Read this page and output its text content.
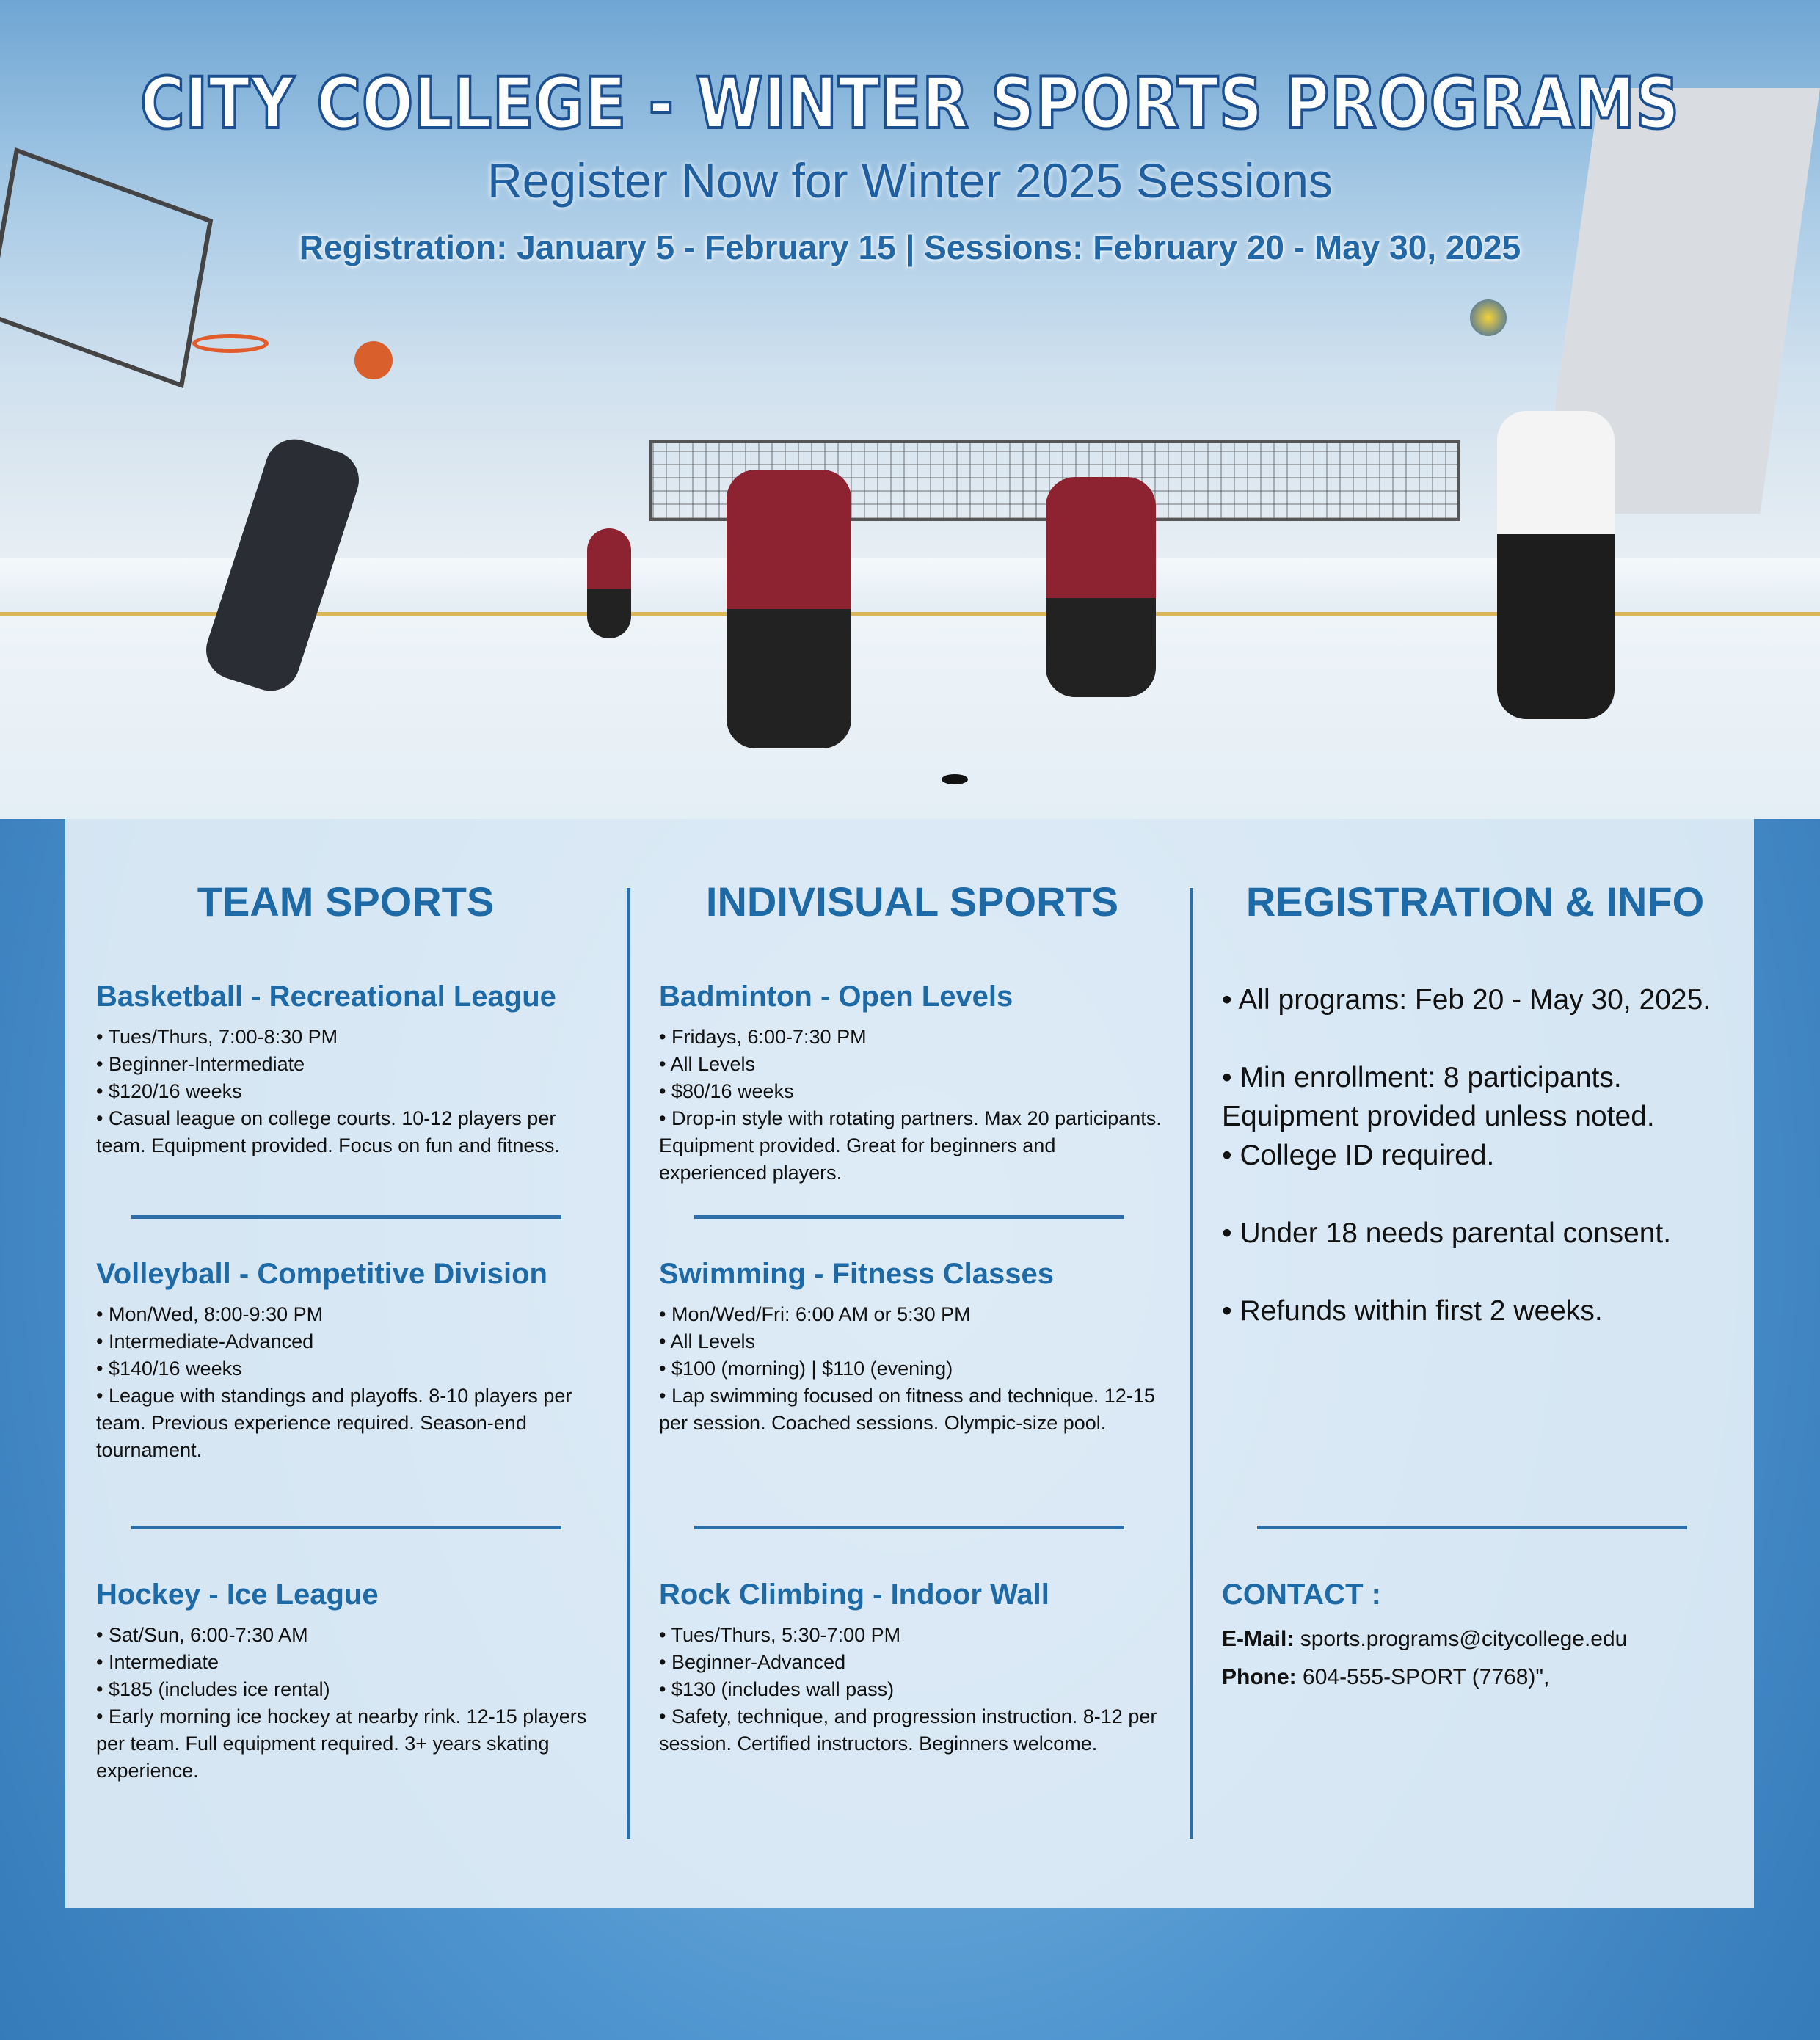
CITY COLLEGE - WINTER SPORTS PROGRAMS
Register Now for Winter 2025 Sessions
Registration: January 5 - February 15 | Sessions: February 20 - May 30, 2025
TEAM SPORTS
Basketball - Recreational League

• Tues/Thurs, 7:00-8:30 PM

• Beginner-Intermediate

• $120/16 weeks

• Casual league on college courts. 10-12 players per team. Equipment provided. Focus on fun and fitness.

Volleyball - Competitive Division

• Mon/Wed, 8:00-9:30 PM

• Intermediate-Advanced

• $140/16 weeks

• League with standings and playoffs. 8-10 players per team. Previous experience required. Season-end tournament.

Hockey - Ice League

• Sat/Sun, 6:00-7:30 AM

• Intermediate

• $185 (includes ice rental)

• Early morning ice hockey at nearby rink. 12-15 players per team. Full equipment required. 3+ years skating experience.

INDIVISUAL SPORTS
Badminton - Open Levels

• Fridays, 6:00-7:30 PM

• All Levels

• $80/16 weeks

• Drop-in style with rotating partners. Max 20 participants. Equipment provided. Great for beginners and experienced players.

Swimming - Fitness Classes

• Mon/Wed/Fri: 6:00 AM or 5:30 PM

• All Levels

• $100 (morning) | $110 (evening)

• Lap swimming focused on fitness and technique. 12-15 per session. Coached sessions. Olympic-size pool.

Rock Climbing - Indoor Wall

• Tues/Thurs, 5:30-7:00 PM

• Beginner-Advanced

• $130 (includes wall pass)

• Safety, technique, and progression instruction. 8-12 per session. Certified instructors. Beginners welcome.

REGISTRATION & INFO

• All programs: Feb 20 - May 30, 2025.

• Min enrollment: 8 participants. Equipment provided unless noted.

• College ID required.

• Under 18 needs parental consent.

• Refunds within first 2 weeks.

CONTACT :

E-Mail: sports.programs@citycollege.edu

Phone: 604-555-SPORT (7768)",
